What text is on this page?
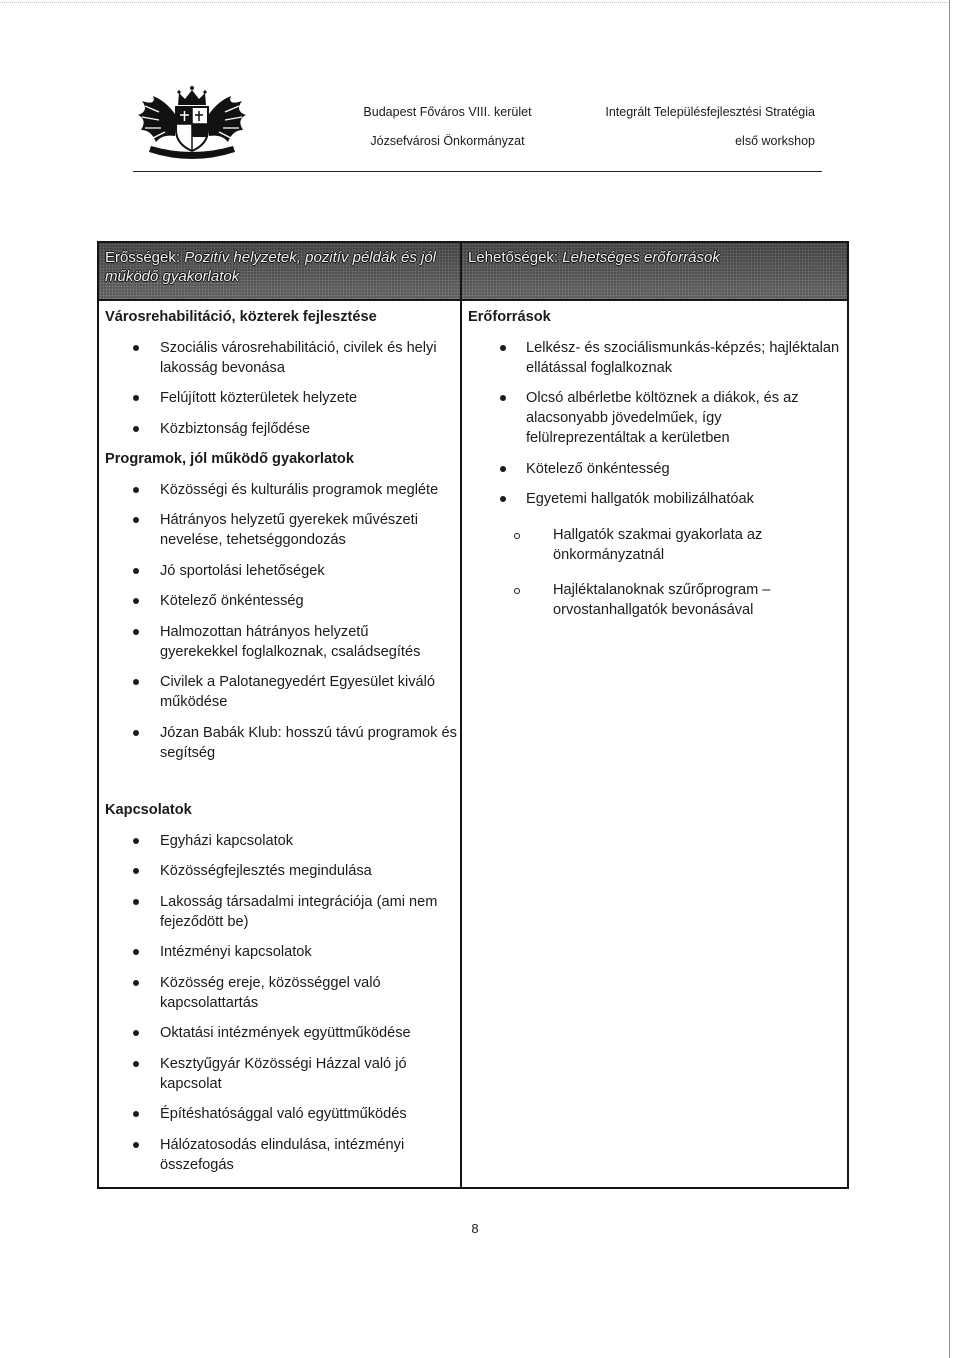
Budapest Főváros VIII. kerület
Józsefvárosi Önkormányzat
Integrált Településfejlesztési Stratégia
első workshop
Erősségek: Pozitív helyzetek, pozitív példák és jól
működő gyakorlatok
Lehetőségek: Lehetséges erőforrások
Városrehabilitáció, közterek fejlesztése
Szociális városrehabilitáció, civilek és helyi
lakosság bevonása
Felújított közterületek helyzete
Közbiztonság fejlődése
Programok, jól működő gyakorlatok
Közösségi és kulturális programok megléte
Hátrányos helyzetű gyerekek művészeti
nevelése, tehetséggondozás
Jó sportolási lehetőségek
Kötelező önkéntesség
Halmozottan hátrányos helyzetű
gyerekekkel foglalkoznak, családsegítés
Civilek a Palotanegyedért Egyesület kiváló
működése
Józan Babák Klub: hosszú távú programok és
segítség
Kapcsolatok
Egyházi kapcsolatok
Közösségfejlesztés megindulása
Lakosság társadalmi integrációja (ami nem
fejeződött be)
Intézményi kapcsolatok
Közösség ereje, közösséggel való
kapcsolattartás
Oktatási intézmények együttműködése
Kesztyűgyár Közösségi Házzal való jó
kapcsolat
Építéshatósággal való együttműködés
Hálózatosodás elindulása, intézményi
összefogás
Erőforrások
Lelkész- és szociálismunkás-képzés; hajléktalan
ellátással foglalkoznak
Olcsó albérletbe költöznek a diákok, és az
alacsonyabb jövedelműek, így
felülreprezentáltak a kerületben
Kötelező önkéntesség
Egyetemi hallgatók mobilizálhatóak
Hallgatók szakmai gyakorlata az
önkormányzatnál
Hajléktalanoknak szűrőprogram –
orvostanhallgatók bevonásával
8
